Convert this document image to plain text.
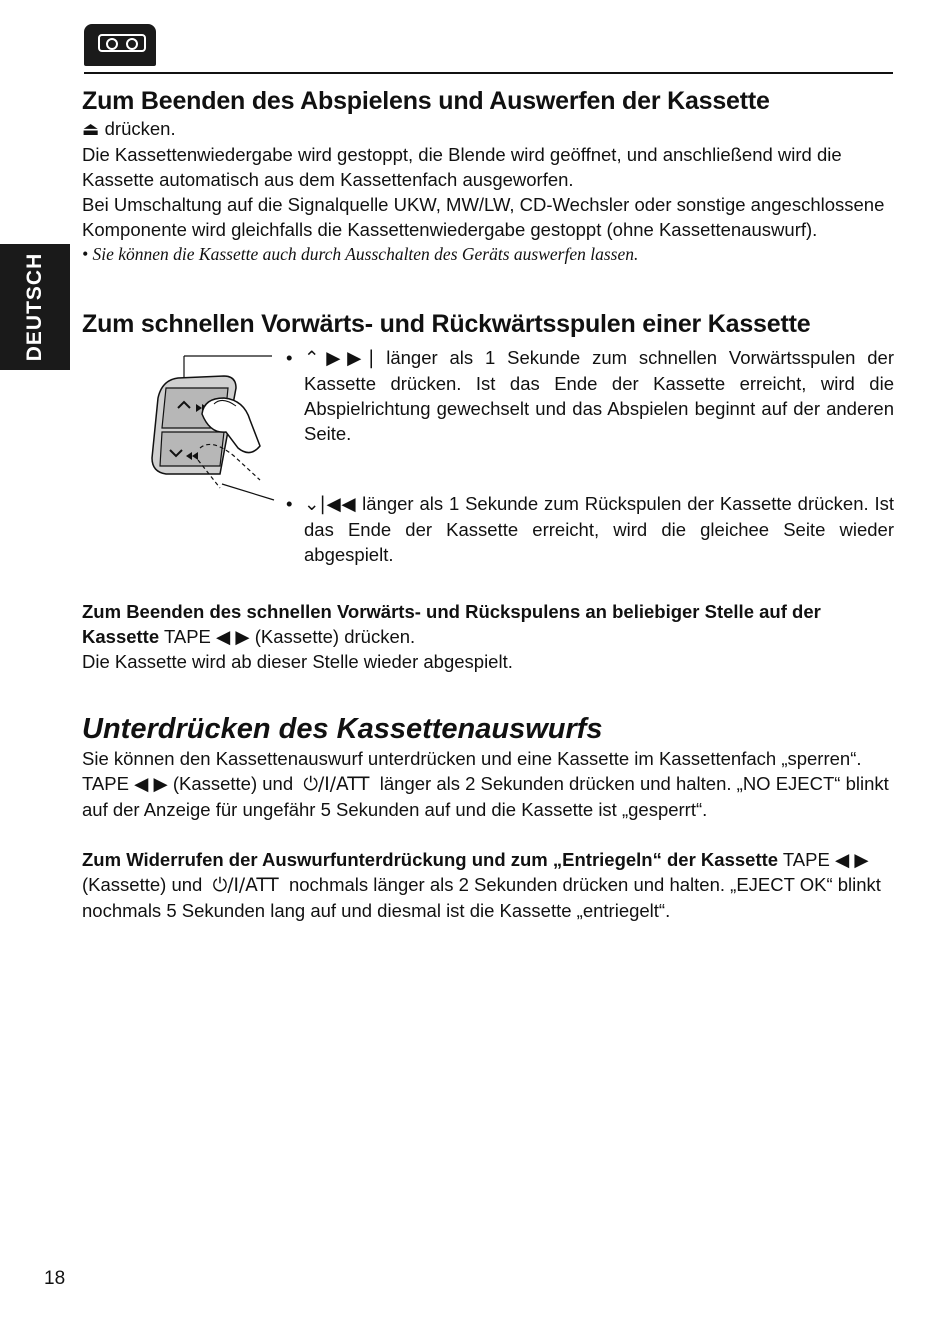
DEUTSCH
Zum Beenden des Abspielens und Auswerfen der Kassette

⏏ drücken.

Die Kassettenwiedergabe wird gestoppt, die Blende wird geöffnet, und anschließend wird die Kassette automatisch aus dem Kassettenfach ausgeworfen.

Bei Umschaltung auf die Signalquelle UKW, MW/LW, CD-Wechsler oder sonstige angeschlossene Komponente wird gleichfalls die Kassettenwiedergabe gestoppt (ohne Kassettenauswurf).

• Sie können die Kassette auch durch Ausschalten des Geräts auswerfen lassen.

Zum schnellen Vorwärts- und Rückwärtsspulen einer Kassette
• ⌃▶▶| länger als 1 Sekunde zum schnellen Vorwärtsspulen der Kassette drücken. Ist das Ende der Kassette erreicht, wird die Abspielrichtung gewechselt und das Abspielen beginnt auf der anderen Seite.

• ⌄|◀◀ länger als 1 Sekunde zum Rückspulen der Kassette drücken. Ist das Ende der Kassette erreicht, wird die gleichee Seite wieder abgespielt.

Zum Beenden des schnellen Vorwärts- und Rückspulens an beliebiger Stelle auf der Kassette TAPE ◀ ▶ (Kassette) drücken.

Die Kassette wird ab dieser Stelle wieder abgespielt.

Unterdrücken des Kassettenauswurfs

Sie können den Kassettenauswurf unterdrücken und eine Kassette im Kassettenfach „sperren“.

TAPE ◀ ▶ (Kassette) und ⏻/I/ATT länger als 2 Sekunden drücken und halten. „NO EJECT“ blinkt auf der Anzeige für ungefähr 5 Sekunden auf und die Kassette ist „gesperrt“.

Zum Widerrufen der Auswurfunterdrückung und zum „Entriegeln“ der Kassette TAPE ◀ ▶ (Kassette) und ⏻/I/ATT nochmals länger als 2 Sekunden drücken und halten. „EJECT OK“ blinkt nochmals 5 Sekunden lang auf und diesmal ist die Kassette „entriegelt“.

18
